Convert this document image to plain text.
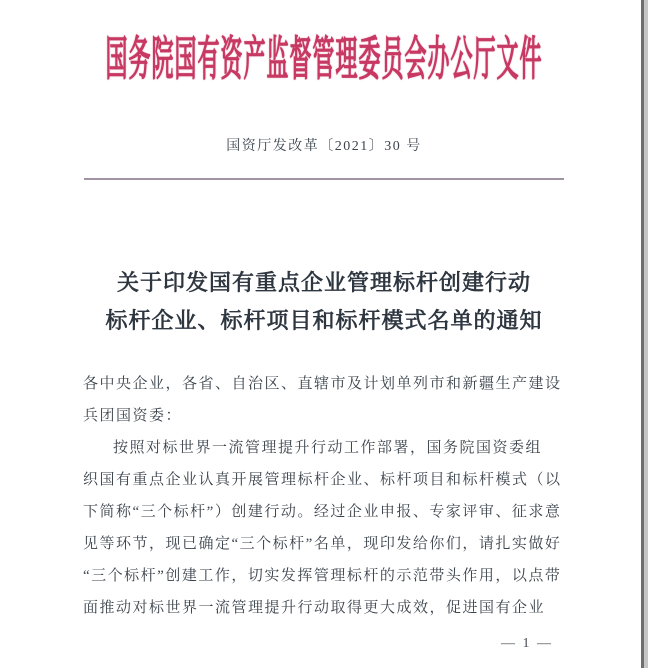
国务院国有资产监督管理委员会办公厅文件
国资厅发改革〔2021〕30 号
关于印发国有重点企业管理标杆创建行动
标杆企业、标杆项目和标杆模式名单的通知
各中央企业，各省、自治区、直辖市及计划单列市和新疆生产建设
兵团国资委：
按照对标世界一流管理提升行动工作部署，国务院国资委组
织国有重点企业认真开展管理标杆企业、标杆项目和标杆模式（以
下简称“三个标杆”）创建行动。经过企业申报、专家评审、征求意
见等环节，现已确定“三个标杆”名单，现印发给你们，请扎实做好
“三个标杆”创建工作，切实发挥管理标杆的示范带头作用，以点带
面推动对标世界一流管理提升行动取得更大成效，促进国有企业
— 1 —
